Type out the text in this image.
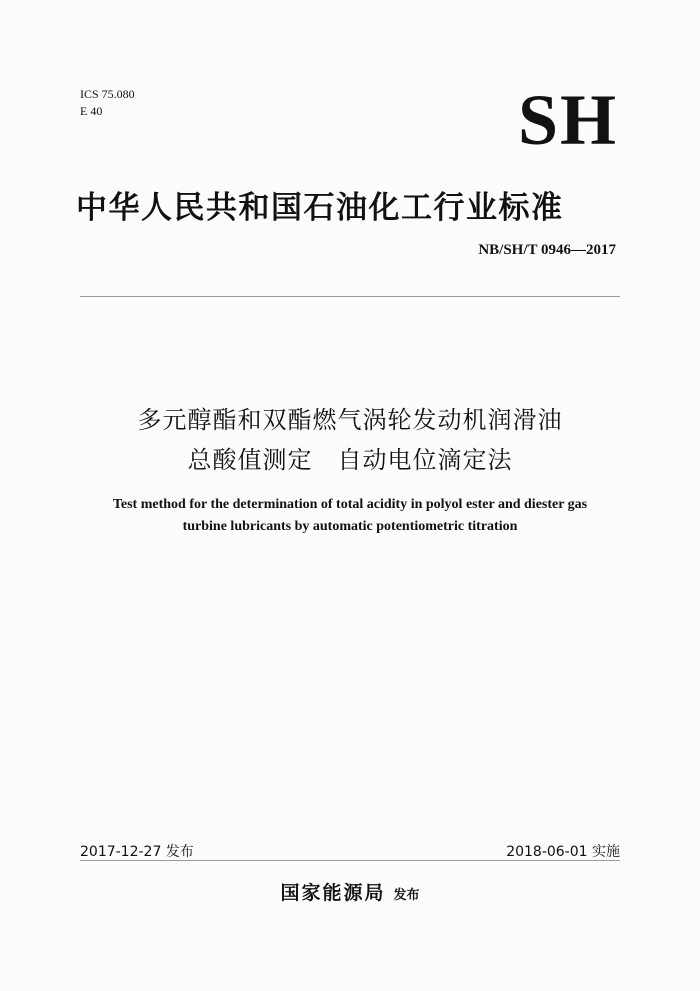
ICS 75.080
E 40	SH
中华人民共和国石油化工行业标准
NB/SH/T 0946—2017
多元醇酯和双酯燃气涡轮发动机润滑油
总酸值测定　自动电位滴定法
Test method for the determination of total acidity in polyol ester and diester gas
turbine lubricants by automatic potentiometric titration
2017-12-27 发布	2018-06-01 实施
国家能源局 发布
